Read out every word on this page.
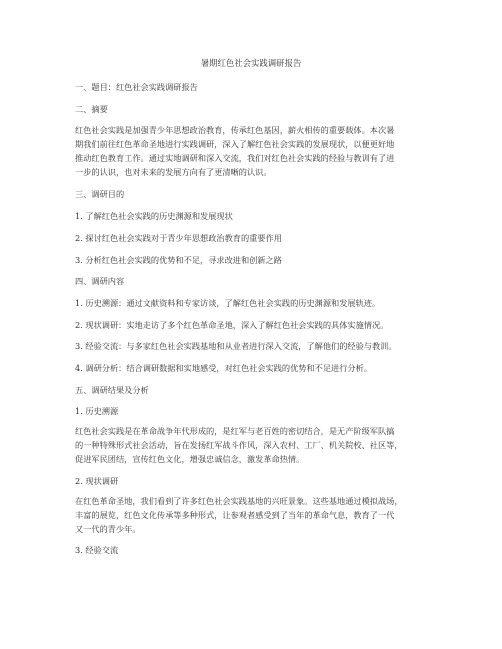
暑期红色社会实践调研报告
一、题目：红色社会实践调研报告
二、摘要
红色社会实践是加强青少年思想政治教育，传承红色基因，薪火相传的重要载体。本次暑
期我们前往红色革命圣地进行实践调研，深入了解红色社会实践的发展现状，以便更好地
推动红色教育工作。通过实地调研和深入交流，我们对红色社会实践的经验与教训有了进
一步的认识，也对未来的发展方向有了更清晰的认识。
三、调研目的
1. 了解红色社会实践的历史渊源和发展现状
2. 探讨红色社会实践对于青少年思想政治教育的重要作用
3. 分析红色社会实践的优势和不足，寻求改进和创新之路
四、调研内容
1. 历史溯源：通过文献资料和专家访谈，了解红色社会实践的历史渊源和发展轨迹。
2. 现状调研：实地走访了多个红色革命圣地，深入了解红色社会实践的具体实施情况。
3. 经验交流：与多家红色社会实践基地和从业者进行深入交流，了解他们的经验与教训。
4. 调研分析：结合调研数据和实地感受，对红色社会实践的优势和不足进行分析。
五、调研结果及分析
1. 历史溯源
红色社会实践是在革命战争年代形成的，是红军与老百姓的密切结合，是无产阶级军队搞
的一种特殊形式社会活动，旨在发扬红军战斗作风，深入农村、工厂、机关院校、社区等，
促进军民团结，宣传红色文化，增强忠诚信念，激发革命热情。
2. 现状调研
在红色革命圣地，我们看到了许多红色社会实践基地的兴旺景象。这些基地通过模拟战场，
丰富的展览，红色文化传承等多种形式，让参观者感受到了当年的革命气息，教育了一代
又一代的青少年。
3. 经验交流
